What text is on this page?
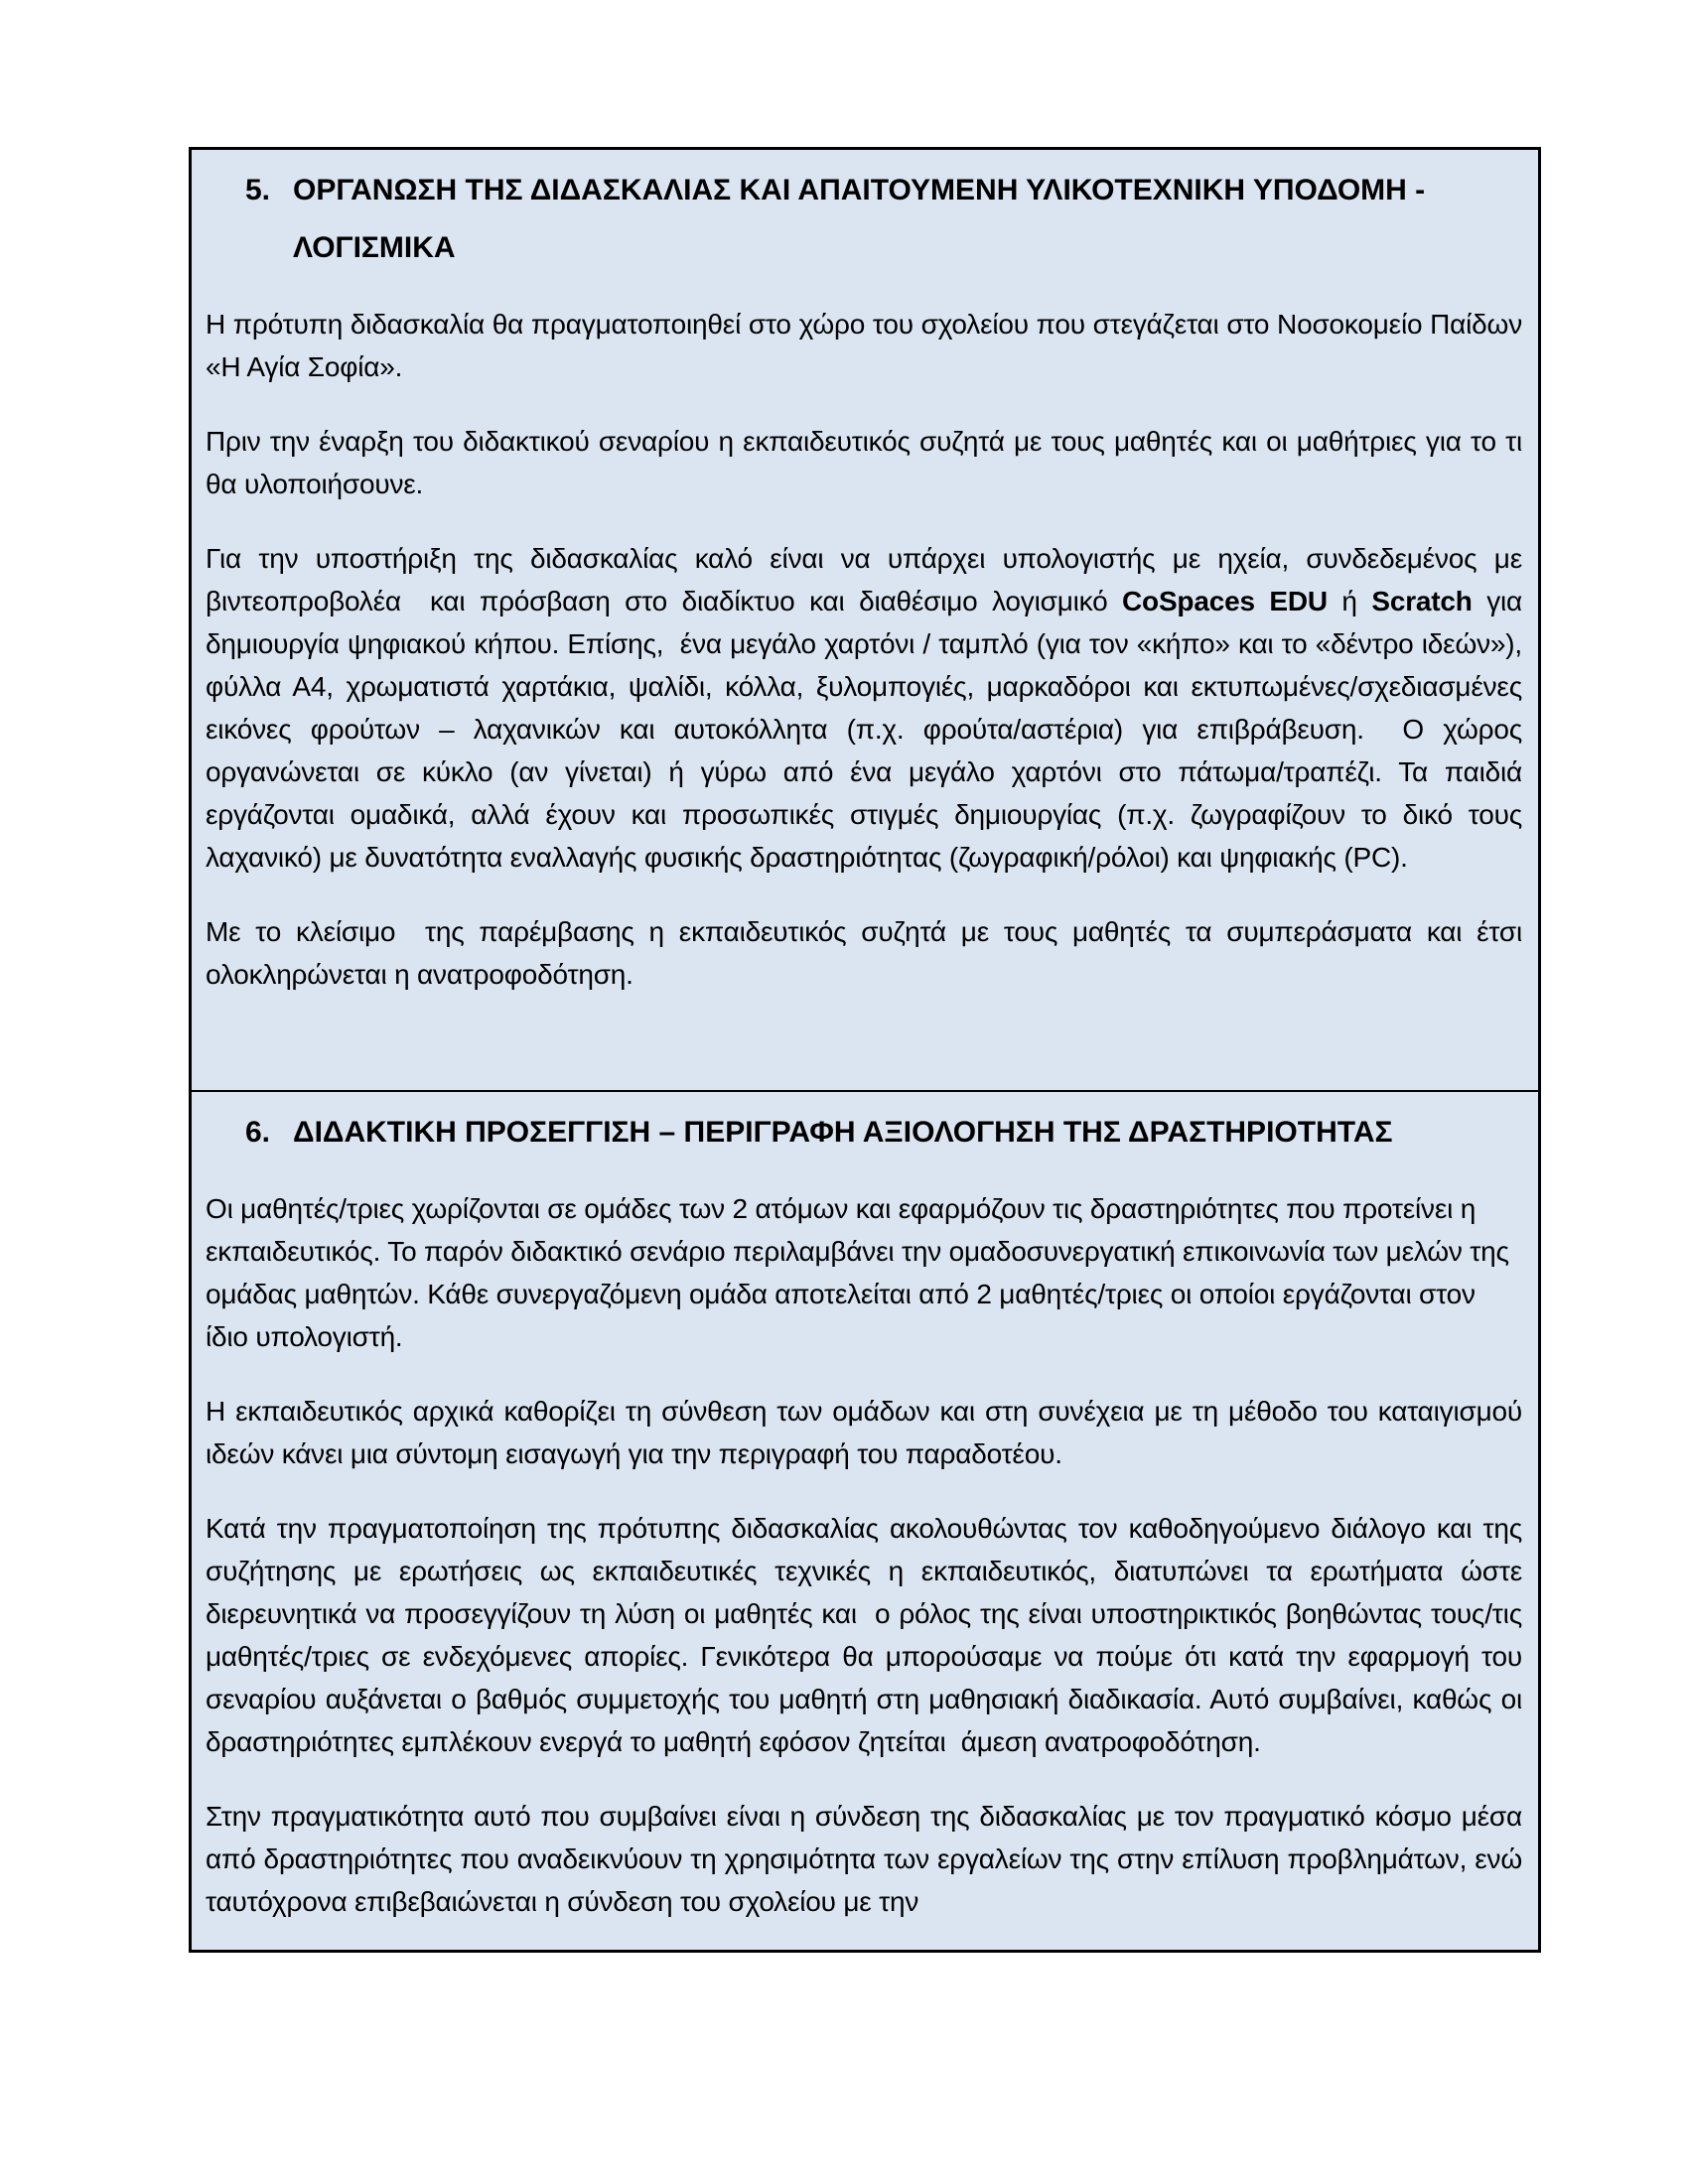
5. ΟΡΓΑΝΩΣΗ ΤΗΣ ΔΙΔΑΣΚΑΛΙΑΣ ΚΑΙ ΑΠΑΙΤΟΥΜΕΝΗ ΥΛΙΚΟΤΕΧΝΙΚΗ ΥΠΟΔΟΜΗ -
ΛΟΓΙΣΜΙΚΑ

Η πρότυπη διδασκαλία θα πραγματοποιηθεί στο χώρο του σχολείου που στεγάζεται στο Νοσοκομείο Παίδων «Η Αγία Σοφία».

Πριν την έναρξη του διδακτικού σεναρίου η εκπαιδευτικός συζητά με τους μαθητές και οι μαθήτριες για το τι θα υλοποιήσουνε.

Για την υποστήριξη της διδασκαλίας καλό είναι να υπάρχει υπολογιστής με ηχεία, συνδεδεμένος με βιντεοπροβολέα  και πρόσβαση στο διαδίκτυο και διαθέσιμο λογισμικό CoSpaces EDU ή Scratch για δημιουργία ψηφιακού κήπου. Επίσης,  ένα μεγάλο χαρτόνι / ταμπλό (για τον «κήπο» και το «δέντρο ιδεών»), φύλλα Α4, χρωματιστά χαρτάκια, ψαλίδι, κόλλα, ξυλομπογιές, μαρκαδόροι και εκτυπωμένες/σχεδιασμένες εικόνες φρούτων – λαχανικών και αυτοκόλλητα (π.χ. φρούτα/αστέρια) για επιβράβευση.  Ο χώρος οργανώνεται σε κύκλο (αν γίνεται) ή γύρω από ένα μεγάλο χαρτόνι στο πάτωμα/τραπέζι. Τα παιδιά εργάζονται ομαδικά, αλλά έχουν και προσωπικές στιγμές δημιουργίας (π.χ. ζωγραφίζουν το δικό τους λαχανικό) με δυνατότητα εναλλαγής φυσικής δραστηριότητας (ζωγραφική/ρόλοι) και ψηφιακής (PC).

Με το κλείσιμο  της παρέμβασης η εκπαιδευτικός συζητά με τους μαθητές τα συμπεράσματα και έτσι ολοκληρώνεται η ανατροφοδότηση.

6. ΔΙΔΑΚΤΙΚΗ ΠΡΟΣΕΓΓΙΣΗ – ΠΕΡΙΓΡΑΦΗ ΑΞΙΟΛΟΓΗΣΗ ΤΗΣ ΔΡΑΣΤΗΡΙΟΤΗΤΑΣ

Οι μαθητές/τριες χωρίζονται σε ομάδες των 2 ατόμων και εφαρμόζουν τις δραστηριότητες που προτείνει η εκπαιδευτικός. Το παρόν διδακτικό σενάριο περιλαμβάνει την ομαδοσυνεργατική επικοινωνία των μελών της ομάδας μαθητών. Κάθε συνεργαζόμενη ομάδα αποτελείται από 2 μαθητές/τριες οι οποίοι εργάζονται στον ίδιο υπολογιστή.

Η εκπαιδευτικός αρχικά καθορίζει τη σύνθεση των ομάδων και στη συνέχεια με τη μέθοδο του καταιγισμού ιδεών κάνει μια σύντομη εισαγωγή για την περιγραφή του παραδοτέου.

Κατά την πραγματοποίηση της πρότυπης διδασκαλίας ακολουθώντας τον καθοδηγούμενο διάλογο και της συζήτησης με ερωτήσεις ως εκπαιδευτικές τεχνικές η εκπαιδευτικός, διατυπώνει τα ερωτήματα ώστε διερευνητικά να προσεγγίζουν τη λύση οι μαθητές και  ο ρόλος της είναι υποστηρικτικός βοηθώντας τους/τις μαθητές/τριες σε ενδεχόμενες απορίες. Γενικότερα θα μπορούσαμε να πούμε ότι κατά την εφαρμογή του σεναρίου αυξάνεται ο βαθμός συμμετοχής του μαθητή στη μαθησιακή διαδικασία. Αυτό συμβαίνει, καθώς οι δραστηριότητες εμπλέκουν ενεργά το μαθητή εφόσον ζητείται  άμεση ανατροφοδότηση.

Στην πραγματικότητα αυτό που συμβαίνει είναι η σύνδεση της διδασκαλίας με τον πραγματικό κόσμο μέσα από δραστηριότητες που αναδεικνύουν τη χρησιμότητα των εργαλείων της στην επίλυση προβλημάτων, ενώ ταυτόχρονα επιβεβαιώνεται η σύνδεση του σχολείου με την
